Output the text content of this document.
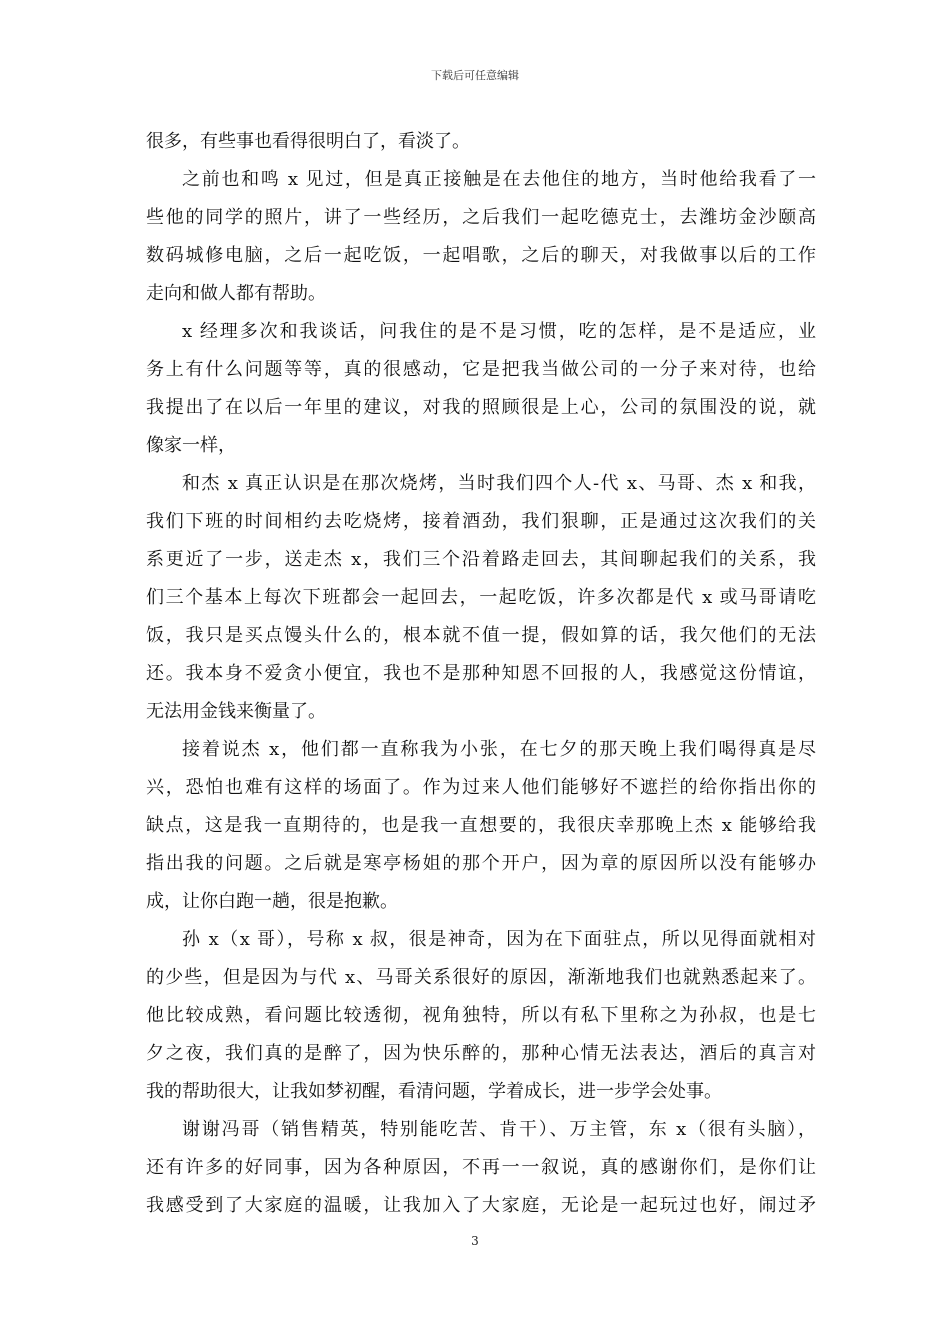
下载后可任意编辑
很多，有些事也看得很明白了，看淡了。
之前也和鸣 x 见过，但是真正接触是在去他住的地方，当时他给我看了一
些他的同学的照片，讲了一些经历，之后我们一起吃德克士，去潍坊金沙颐高
数码城修电脑，之后一起吃饭，一起唱歌，之后的聊天，对我做事以后的工作
走向和做人都有帮助。
x 经理多次和我谈话，问我住的是不是习惯，吃的怎样，是不是适应，业
务上有什么问题等等，真的很感动，它是把我当做公司的一分子来对待，也给
我提出了在以后一年里的建议，对我的照顾很是上心，公司的氛围没的说，就
像家一样，
和杰 x 真正认识是在那次烧烤，当时我们四个人-代 x、马哥、杰 x 和我，
我们下班的时间相约去吃烧烤，接着酒劲，我们狠聊，正是通过这次我们的关
系更近了一步，送走杰 x，我们三个沿着路走回去，其间聊起我们的关系，我
们三个基本上每次下班都会一起回去，一起吃饭，许多次都是代 x 或马哥请吃
饭，我只是买点馒头什么的，根本就不值一提，假如算的话，我欠他们的无法
还。我本身不爱贪小便宜，我也不是那种知恩不回报的人，我感觉这份情谊，
无法用金钱来衡量了。
接着说杰 x，他们都一直称我为小张，在七夕的那天晚上我们喝得真是尽
兴，恐怕也难有这样的场面了。作为过来人他们能够好不遮拦的给你指出你的
缺点，这是我一直期待的，也是我一直想要的，我很庆幸那晚上杰 x 能够给我
指出我的问题。之后就是寒亭杨姐的那个开户，因为章的原因所以没有能够办
成，让你白跑一趟，很是抱歉。
孙 x（x 哥），号称 x 叔，很是神奇，因为在下面驻点，所以见得面就相对
的少些，但是因为与代 x、马哥关系很好的原因，渐渐地我们也就熟悉起来了。
他比较成熟，看问题比较透彻，视角独特，所以有私下里称之为孙叔，也是七
夕之夜，我们真的是醉了，因为快乐醉的，那种心情无法表达，酒后的真言对
我的帮助很大，让我如梦初醒，看清问题，学着成长，进一步学会处事。
谢谢冯哥（销售精英，特别能吃苦、肯干）、万主管，东 x（很有头脑），
还有许多的好同事，因为各种原因，不再一一叙说，真的感谢你们，是你们让
我感受到了大家庭的温暖，让我加入了大家庭，无论是一起玩过也好，闹过矛
3
